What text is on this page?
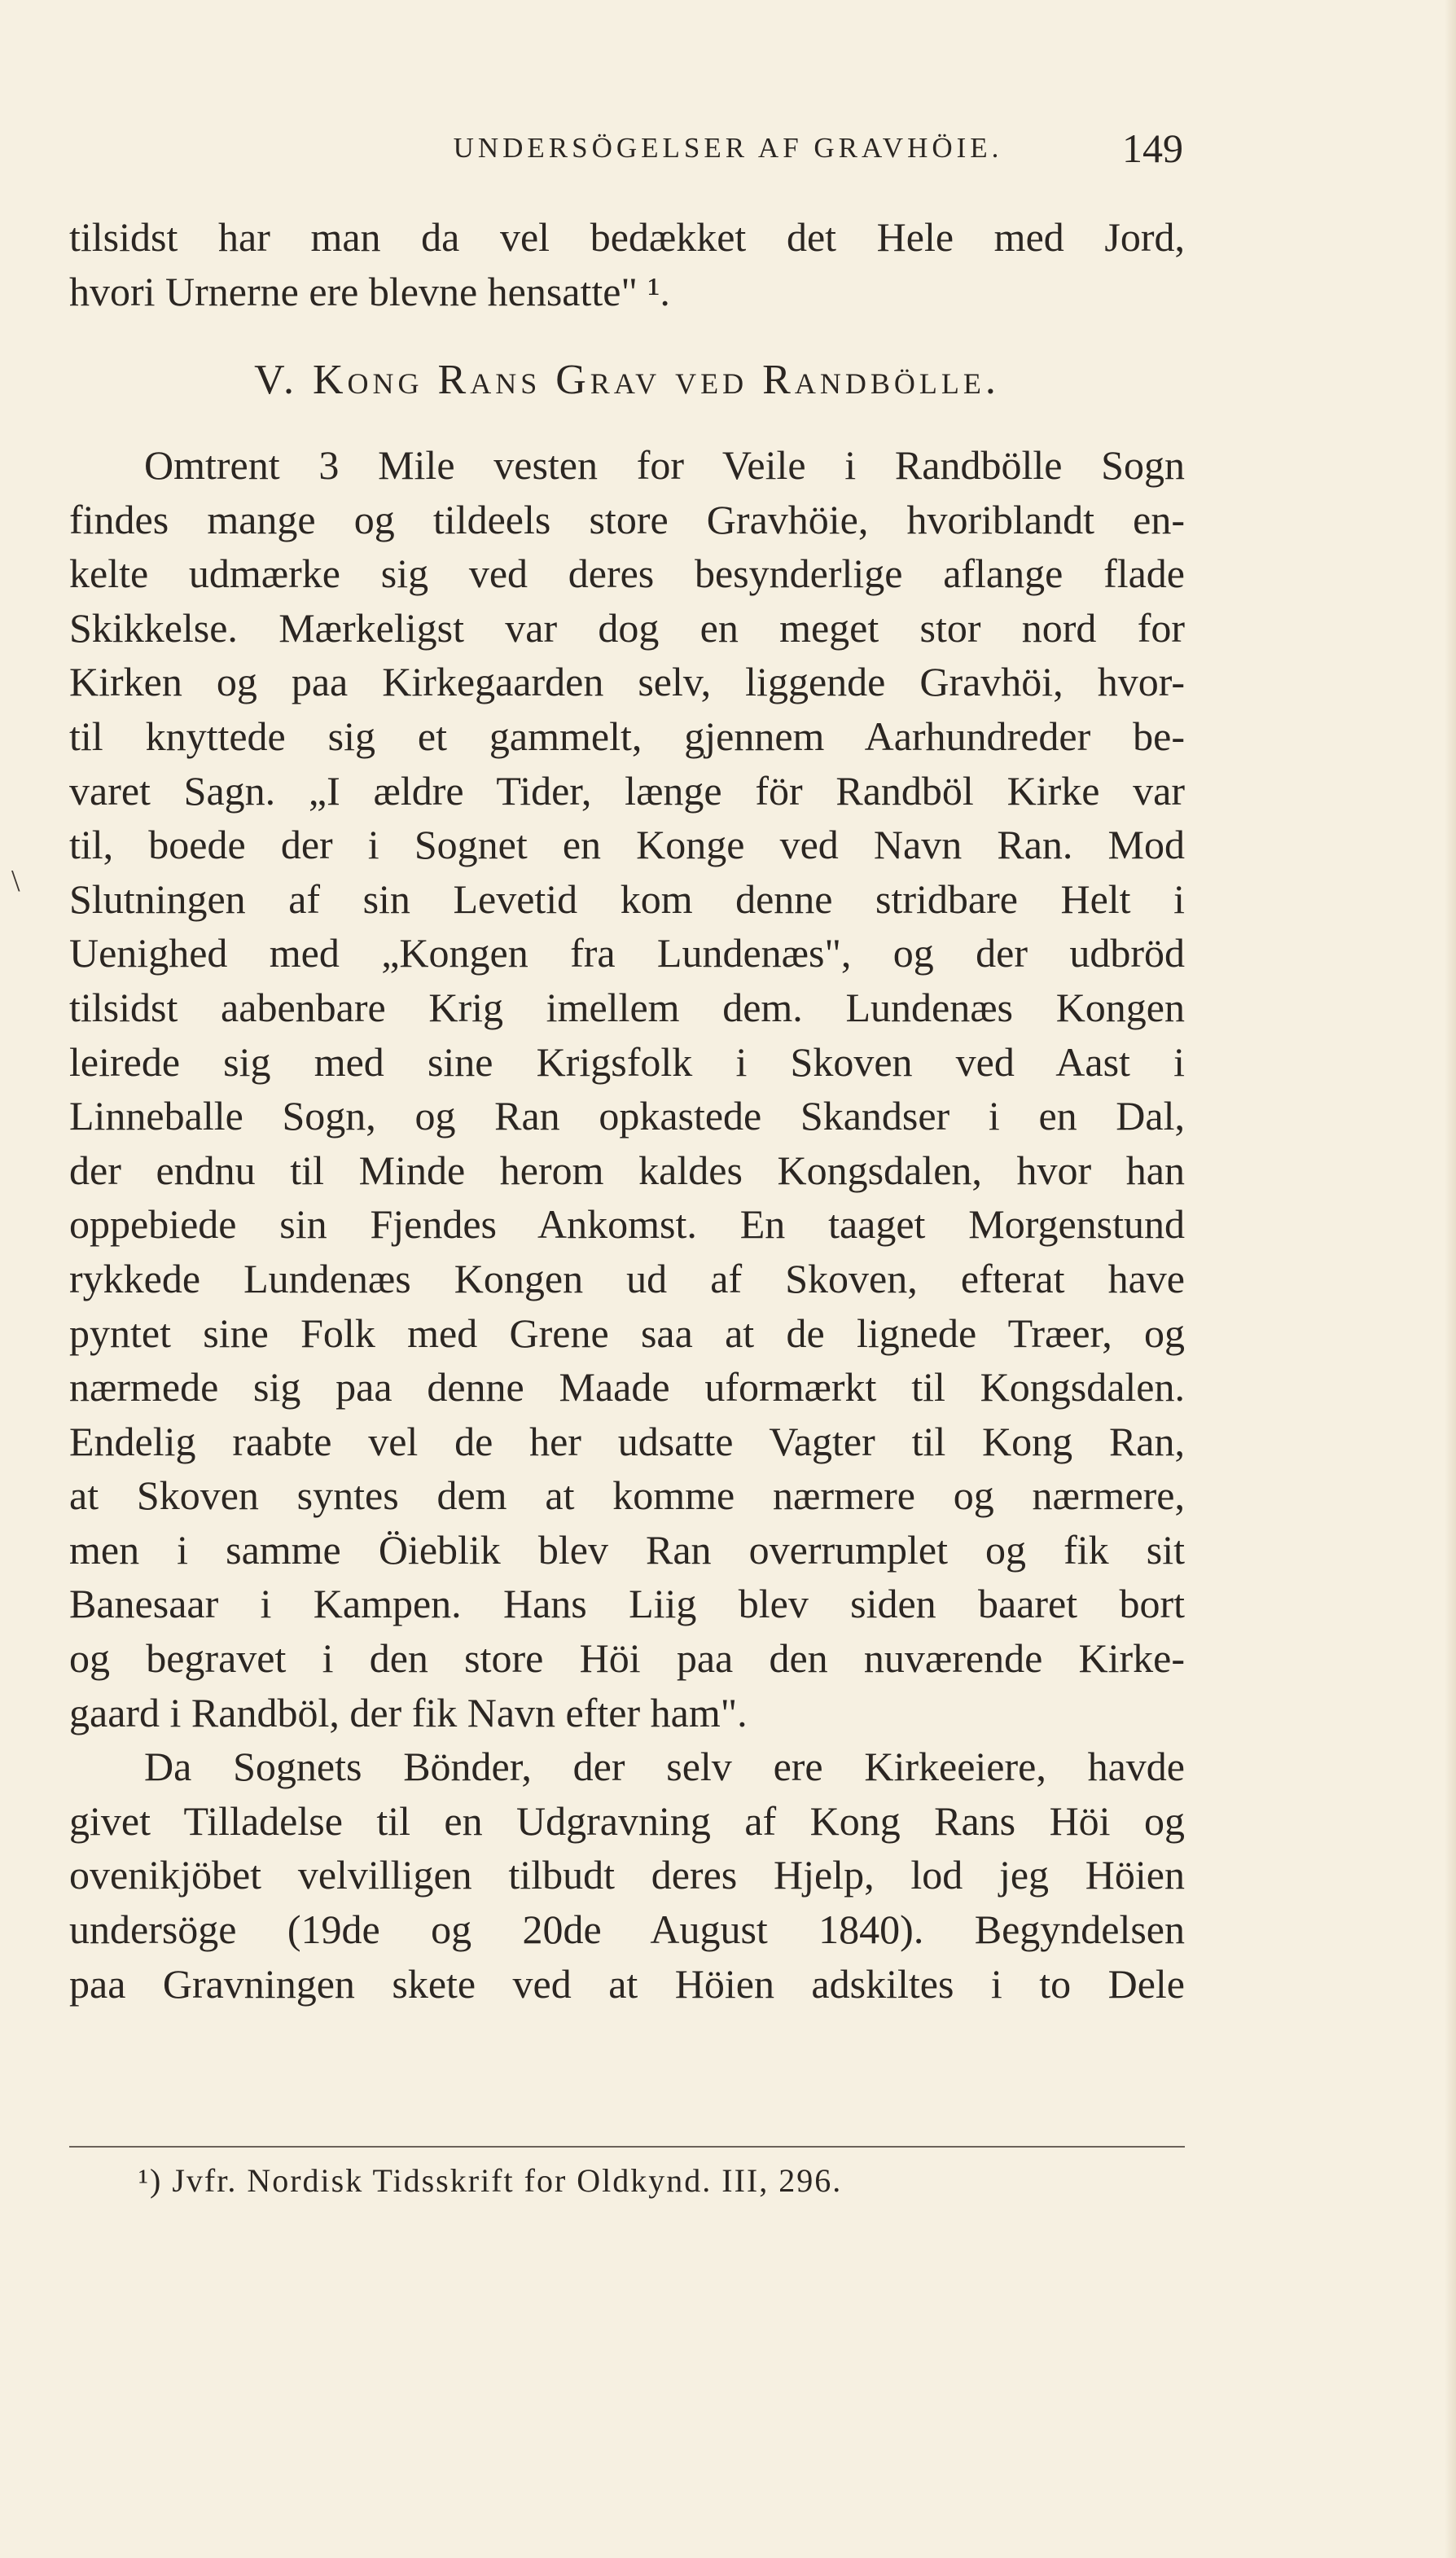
UNDERSÖGELSER AF GRAVHÖIE.	149
tilsidst har man da vel bedækket det Hele med Jord,
hvori Urnerne ere blevne hensatte" ¹.
V. Kong Rans Grav ved Randbölle.
Omtrent 3 Mile vesten for Veile i Randbölle Sogn
findes mange og tildeels store Gravhöie, hvoriblandt en-
kelte udmærke sig ved deres besynderlige aflange flade
Skikkelse. Mærkeligst var dog en meget stor nord for
Kirken og paa Kirkegaarden selv, liggende Gravhöi, hvor-
til knyttede sig et gammelt, gjennem Aarhundreder be-
varet Sagn. „I ældre Tider, længe för Randböl Kirke var
til, boede der i Sognet en Konge ved Navn Ran. Mod
Slutningen af sin Levetid kom denne stridbare Helt i
Uenighed med „Kongen fra Lundenæs", og der udbröd
tilsidst aabenbare Krig imellem dem. Lundenæs Kongen
leirede sig med sine Krigsfolk i Skoven ved Aast i
Linneballe Sogn, og Ran opkastede Skandser i en Dal,
der endnu til Minde herom kaldes Kongsdalen, hvor han
oppebiede sin Fjendes Ankomst. En taaget Morgenstund
rykkede Lundenæs Kongen ud af Skoven, efterat have
pyntet sine Folk med Grene saa at de lignede Træer, og
nærmede sig paa denne Maade uformærkt til Kongsdalen.
Endelig raabte vel de her udsatte Vagter til Kong Ran,
at Skoven syntes dem at komme nærmere og nærmere,
men i samme Öieblik blev Ran overrumplet og fik sit
Banesaar i Kampen. Hans Liig blev siden baaret bort
og begravet i den store Höi paa den nuværende Kirke-
gaard i Randböl, der fik Navn efter ham".
Da Sognets Bönder, der selv ere Kirkeeiere, havde
givet Tilladelse til en Udgravning af Kong Rans Höi og
ovenikjöbet velvilligen tilbudt deres Hjelp, lod jeg Höien
undersöge (19de og 20de August 1840). Begyndelsen
paa Gravningen skete ved at Höien adskiltes i to Dele
\
¹) Jvfr. Nordisk Tidsskrift for Oldkynd. III, 296.
